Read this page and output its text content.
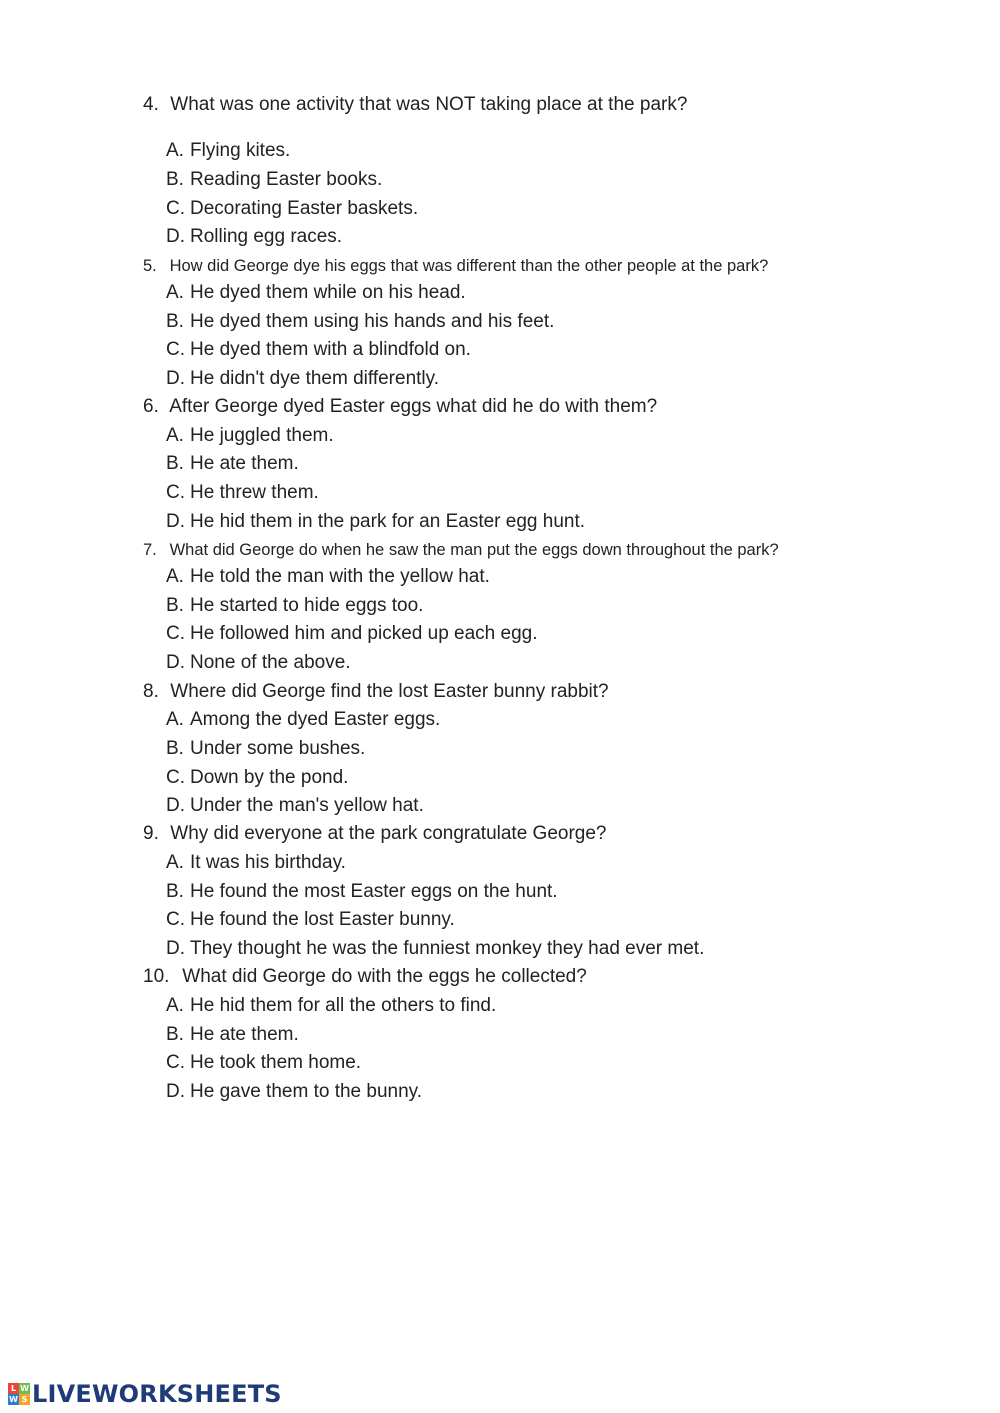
4. What was one activity that was NOT taking place at the park?
A. Flying kites.
B. Reading Easter books.
C. Decorating Easter baskets.
D. Rolling egg races.
5. How did George dye his eggs that was different than the other people at the park?
A. He dyed them while on his head.
B. He dyed them using his hands and his feet.
C. He dyed them with a blindfold on.
D. He didn't dye them differently.
6. After George dyed Easter eggs what did he do with them?
A. He juggled them.
B. He ate them.
C. He threw them.
D. He hid them in the park for an Easter egg hunt.
7. What did George do when he saw the man put the eggs down throughout the park?
A. He told the man with the yellow hat.
B. He started to hide eggs too.
C. He followed him and picked up each egg.
D. None of the above.
8. Where did George find the lost Easter bunny rabbit?
A. Among the dyed Easter eggs.
B. Under some bushes.
C. Down by the pond.
D. Under the man's yellow hat.
9. Why did everyone at the park congratulate George?
A. It was his birthday.
B. He found the most Easter eggs on the hunt.
C. He found the lost Easter bunny.
D. They thought he was the funniest monkey they had ever met.
10. What did George do with the eggs he collected?
A. He hid them for all the others to find.
B. He ate them.
C. He took them home.
D. He gave them to the bunny.
L W
W S LIVEWORKSHEETS
